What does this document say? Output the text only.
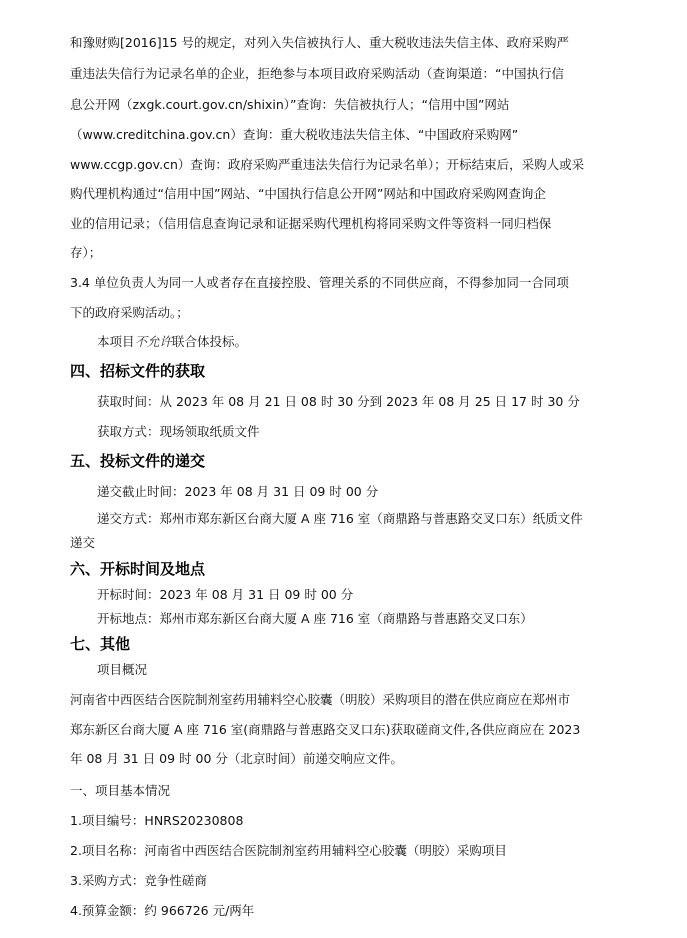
和豫财购[2016]15 号的规定，对列入失信被执行人、重大税收违法失信主体、政府采购严
重违法失信行为记录名单的企业，拒绝参与本项目政府采购活动（查询渠道：“中国执行信
息公开网（zxgk.court.gov.cn/shixin）”查询：失信被执行人；“信用中国”网站
（www.creditchina.gov.cn）查询：重大税收违法失信主体、“中国政府采购网”
www.ccgp.gov.cn）查询：政府采购严重违法失信行为记录名单）；开标结束后，采购人或采
购代理机构通过“信用中国”网站、“中国执行信息公开网”网站和中国政府采购网查询企
业的信用记录；（信用信息查询记录和证据采购代理机构将同采购文件等资料一同归档保
存）；
3.4 单位负责人为同一人或者存在直接控股、管理关系的不同供应商，不得参加同一合同项
下的政府采购活动。；
本项目不允许联合体投标。
四、招标文件的获取
获取时间：从 2023 年 08 月 21 日 08 时 30 分到 2023 年 08 月 25 日 17 时 30 分
获取方式：现场领取纸质文件
五、投标文件的递交
递交截止时间：2023 年 08 月 31 日 09 时 00 分
递交方式：郑州市郑东新区台商大厦 A 座 716 室（商鼎路与普惠路交叉口东）纸质文件
递交
六、开标时间及地点
开标时间：2023 年 08 月 31 日 09 时 00 分
开标地点：郑州市郑东新区台商大厦 A 座 716 室（商鼎路与普惠路交叉口东）
七、其他
项目概况
河南省中西医结合医院制剂室药用辅料空心胶囊（明胶）采购项目的潜在供应商应在郑州市
郑东新区台商大厦 A 座 716 室(商鼎路与普惠路交叉口东)获取磋商文件,各供应商应在 2023
年 08 月 31 日 09 时 00 分（北京时间）前递交响应文件。
一、项目基本情况
1.项目编号：HNRS20230808
2.项目名称：河南省中西医结合医院制剂室药用辅料空心胶囊（明胶）采购项目
3.采购方式：竞争性磋商
4.预算金额：约 966726 元/两年
